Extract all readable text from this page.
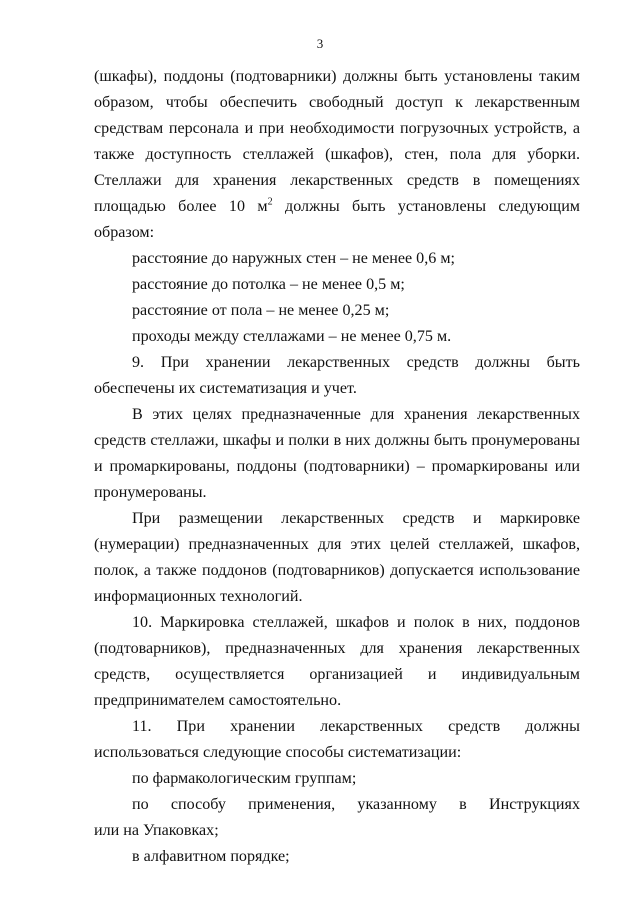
3

(шкафы), поддоны (подтоварники) должны быть установлены таким образом, чтобы обеспечить свободный доступ к лекарственным средствам персонала и при необходимости погрузочных устройств, а также доступность стеллажей (шкафов), стен, пола для уборки. Стеллажи для хранения лекарственных средств в помещениях площадью более 10 $м^2$ должны быть установлены следующим образом:

расстояние до наружных стен – не менее 0,6 м;

расстояние до потолка – не менее 0,5 м;

расстояние от пола – не менее 0,25 м;

проходы между стеллажами – не менее 0,75 м.

9. При хранении лекарственных средств должны быть обеспечены их систематизация и учет.

В этих целях предназначенные для хранения лекарственных средств стеллажи, шкафы и полки в них должны быть пронумерованы и промаркированы, поддоны (подтоварники) – промаркированы или пронумерованы.

При размещении лекарственных средств и маркировке (нумерации) предназначенных для этих целей стеллажей, шкафов, полок, а также поддонов (подтоварников) допускается использование информационных технологий.

10. Маркировка стеллажей, шкафов и полок в них, поддонов (подтоварников), предназначенных для хранения лекарственных средств, осуществляется организацией и индивидуальным предпринимателем самостоятельно.

11. При хранении лекарственных средств должны использоваться следующие способы систематизации:

по фармакологическим группам;

по способу применения, указанному в Инструкциях

или на Упаковках;

в алфавитном порядке;
